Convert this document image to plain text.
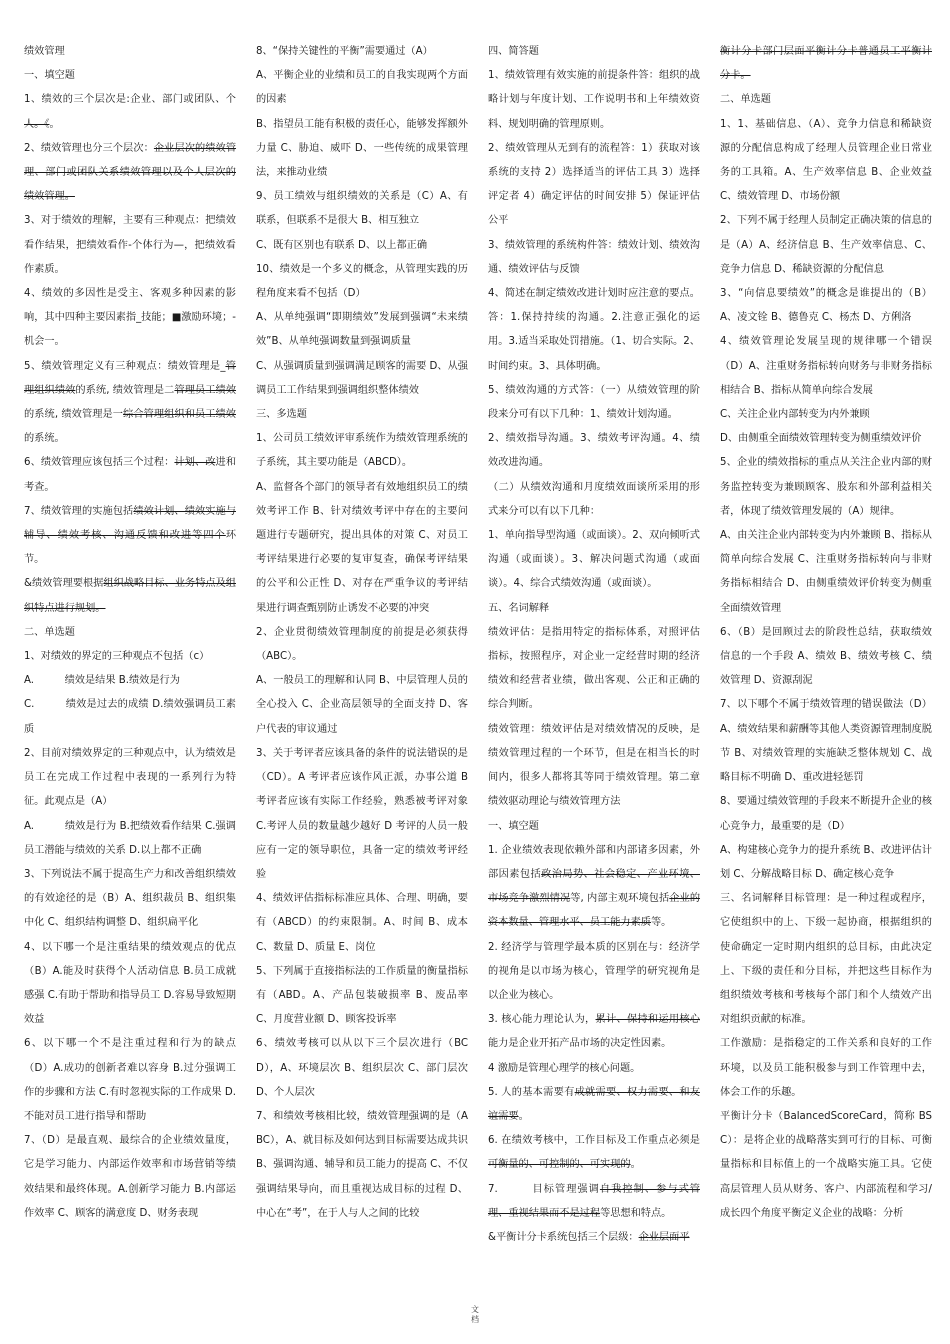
绩效管理

一、填空题

1、绩效的三个层次是:企业、部门或团队、个人。《。

2、绩效管理也分三个层次：企业层次的绩效管理、部门或团队关系绩效管理以及个人层次的绩效管理。

3、对于绩效的理解，主要有三种观点：把绩效看作结果，把绩效看作-个体行为—，把绩效看作素质。

4、绩效的多因性是受主、客观多种因素的影响，其中四种主要因素指_技能；■激励环境；-机会一。

5、绩效管理定义有三种观点：绩效管理是_管理组织绩效的系统, 绩效管理是二管理员工绩效的系统, 绩效管理是一综合管理组织和员工绩效的系统。

6、绩效管理应该包括三个过程：计划、改进和考查。

7、绩效管理的实施包括绩效计划、绩效实施与辅导、绩效考核、沟通反馈和改进等四个环节。

&绩效管理要根据组织战略目标、业务特点及组织特点进行规划。

二、单选题

1、对绩效的界定的三种观点不包括（c）

A.　　　绩效是结果 B.绩效是行为

C.　　　绩效是过去的成绩 D.绩效强调员工素质

2、目前对绩效界定的三种观点中，认为绩效是员工在完成工作过程中表现的一系列行为特征。此观点是（A）

A.　　　绩效是行为 B.把绩效看作结果 C.强调员工潜能与绩效的关系 D.以上都不正确

3、下列说法不属于提高生产力和改善组织绩效的有效途径的是（B）A、组织裁员 B、组织集中化 C、组织结构调整 D、组织扁平化

4、以下哪一个是注重结果的绩效观点的优点（B）A.能及时获得个人活动信息 B.员工成就感强 C.有助于帮助和指导员工 D.容易导致短期效益

6、以下哪一个不是注重过程和行为的缺点（D）A.成功的创新者难以容身 B.过分强调工作的步骤和方法 C.有时忽视实际的工作成果 D.不能对员工进行指导和帮助

7、（D）是最直观、最综合的企业绩效量度，它是学习能力、内部运作效率和市场营销等绩效结果和最终体现。A.创新学习能力 B.内部运作效率 C、顾客的满意度 D、财务表现

8、“保持关键性的平衡”需要通过（A）

A、平衡企业的业绩和员工的自我实现两个方面的因素

B、指望员工能有积极的责任心，能够发挥额外力量 C、胁迫、威吓 D、一些传统的成果管理法，来推动业绩

9、员工绩效与组织绩效的关系是（C）A、有联系，但联系不是很大 B、相互独立

C、既有区别也有联系 D、以上都正确

10、绩效是一个多义的概念，从管理实践的历程角度来看不包括（D）

A、从单纯强调“即期绩效”发展到强调“未来绩效”B、从单纯强调数量到强调质量

C、从强调质量到强调满足顾客的需要 D、从强调员工工作结果到强调组织整体绩效

三、多选题

1、公司员工绩效评审系统作为绩效管理系统的子系统，其主要功能是（ABCD）。

A、监督各个部门的领导者有效地组织员工的绩效考评工作 B、针对绩效考评中存在的主要问题进行专题研究，提出具体的对策 C、对员工考评结果进行必要的复审复查，确保考评结果的公平和公正性 D、对存在严重争议的考评结果进行调查甄别防止诱发不必要的冲突

2、企业贯彻绩效管理制度的前提是必须获得（ABC）。

A、一般员工的理解和认同 B、中层管理人员的全心投入 C、企业高层领导的全面支持 D、客户代表的审议通过

3、关于考评者应该具备的条件的说法错误的是（CD）。A 考评者应该作风正派，办事公道 B 考评者应该有实际工作经验，熟悉被考评对象 C.考评人员的数量越少越好 D 考评的人员一般应有一定的领导职位，具备一定的绩效考评经验

4、绩效评估指标标准应具体、合理、明确，要有（ABCD）的约束限制。A、时间 B、成本 C、数量 D、质量 E、岗位

5、下列属于直接指标法的工作质量的衡量指标有（ABD。A、产品包装破损率 B、废品率 C、月度营业额 D、顾客投诉率

6、绩效考核可以从以下三个层次进行（BCD），A、环境层次 B、组织层次 C、部门层次 D、个人层次

7、和绩效考核相比较，绩效管理强调的是（ABC），A、就目标及如何达到目标需要达成共识 B、强调沟通、辅导和员工能力的提高 C、不仅强调结果导向，而且重视达成目标的过程 D、中心在“考”，在于人与人之间的比较

四、简答题

1、绩效管理有效实施的前提条件答：组织的战略计划与年度计划、工作说明书和上年绩效资料、规划明确的管理原则。

2、绩效管理从无到有的流程答：1）获取对该系统的支持 2）选择适当的评估工具 3）选择评定者 4）确定评估的时间安排 5）保证评估公平

3、绩效管理的系统构件答：绩效计划、绩效沟通、绩效评估与反馈

4、简述在制定绩效改进计划时应注意的要点。答：1.保持持续的沟通。2.注意正强化的运用。3.适当采取处罚措施。（1、切合实际。2、时间约束。3、具体明确。

5、绩效沟通的方式答：（一）从绩效管理的阶段来分可有以下几种：1、绩效计划沟通。

2、绩效指导沟通。3、绩效考评沟通。4、绩效改进沟通。

（二）从绩效沟通和月度绩效面谈所采用的形式来分可以有以下几种：

1、单向指导型沟通（或面谈）。2、双向倾听式沟通（或面谈）。3、解决问题式沟通（或面谈）。4、综合式绩效沟通（或面谈）。

五、名词解释

绩效评估：是指用特定的指标体系，对照评估指标，按照程序，对企业一定经营时期的经济绩效和经营者业绩，做出客观、公正和正确的综合判断。

绩效管理：绩效评估是对绩效情况的反映，是绩效管理过程的一个环节，但是在相当长的时间内，很多人都将其等同于绩效管理。第二章 绩效驱动理论与绩效管理方法

一、填空题

1. 企业绩效表现依赖外部和内部诸多因素，外部因素包括政治局势、社会稳定、产业环境、市场竞争激烈情况等, 内部主观环境包括企业的资本数量、管理水平、员工能力素质等。

2. 经济学与管理学最本质的区别在与：经济学的视角是以市场为核心，管理学的研究视角是以企业为核心。

3. 核心能力理论认为，累计、保持和运用核心能力是企业开拓产品市场的决定性因素。

4 激励是管理心理学的核心问题。

5. 人的基本需要有成就需要、权力需要、和友谊需要。

6. 在绩效考核中，工作目标及工作重点必须是可衡量的、可控制的、可实现的。

7.　　　目标管理强调自我控制、参与式管理、重视结果而不是过程等思想和特点。

&平衡计分卡系统包括三个层级：企业层面平

衡计分卡部门层面平衡计分卡普通员工平衡计分卡。

二、单选题

1、1、基础信息、（A）、竞争力信息和稀缺资源的分配信息构成了经理人员管理企业日常业务的工具箱。A、生产效率信息 B、企业效益 C、绩效管理 D、市场份额

2、下列不属于经理人员制定正确决策的信息的是（A）A、经济信息 B、生产效率信息、C、竞争力信息 D、稀缺资源的分配信息

3、“向信息要绩效”的概念是谁提出的（B）A、凌文铨 B、德鲁克 C、杨杰 D、方俐洛

4、绩效管理论发展呈现的规律哪一个错误（D）A、注重财务指标转向财务与非财务指标相结合 B、指标从简单向综合发展

C、关注企业内部转变为内外兼顾

D、由侧重全面绩效管理转变为侧重绩效评价

5、企业的绩效指标的重点从关注企业内部的财务监控转变为兼顾顾客、股东和外部利益相关者，体现了绩效管理发展的（A）规律。

A、由关注企业内部转变为内外兼顾 B、指标从简单向综合发展 C、注重财务指标转向与非财务指标相结合 D、由侧重绩效评价转变为侧重全面绩效管理

6、（B）是回顾过去的阶段性总结，获取绩效信息的一个手段 A、绩效 B、绩效考核 C、绩效管理 D、资源刮泥

7、以下哪个不属于绩效管理的错误做法（D）A、绩效结果和薪酬等其他人类资源管理制度脱节 B、对绩效管理的实施缺乏整体规划 C、战略目标不明确 D、重改进轻惩罚

8、要通过绩效管理的手段来不断提升企业的核心竞争力，最重要的是（D）

A、构建核心竞争力的提升系统 B、改进评估计划 C、分解战略目标 D、确定核心竞争

三、名词解释目标管理：是一种过程或程序，它使组织中的上、下级一起协商，根据组织的使命确定一定时期内组织的总目标，由此决定上、下级的责任和分目标，并把这些目标作为组织绩效考核和考核每个部门和个人绩效产出对组织贡献的标准。

工作激励：是指稳定的工作关系和良好的工作环境，以及员工能积极参与到工作管理中去，体会工作的乐趣。

平衡计分卡（BalancedScoreCard，简称 BSC）：是将企业的战略落实到可行的目标、可衡量指标和目标值上的一个战略实施工具。它使高层管理人员从财务、客户、内部流程和学习/成长四个角度平衡定义企业的战略：分析

文
档
